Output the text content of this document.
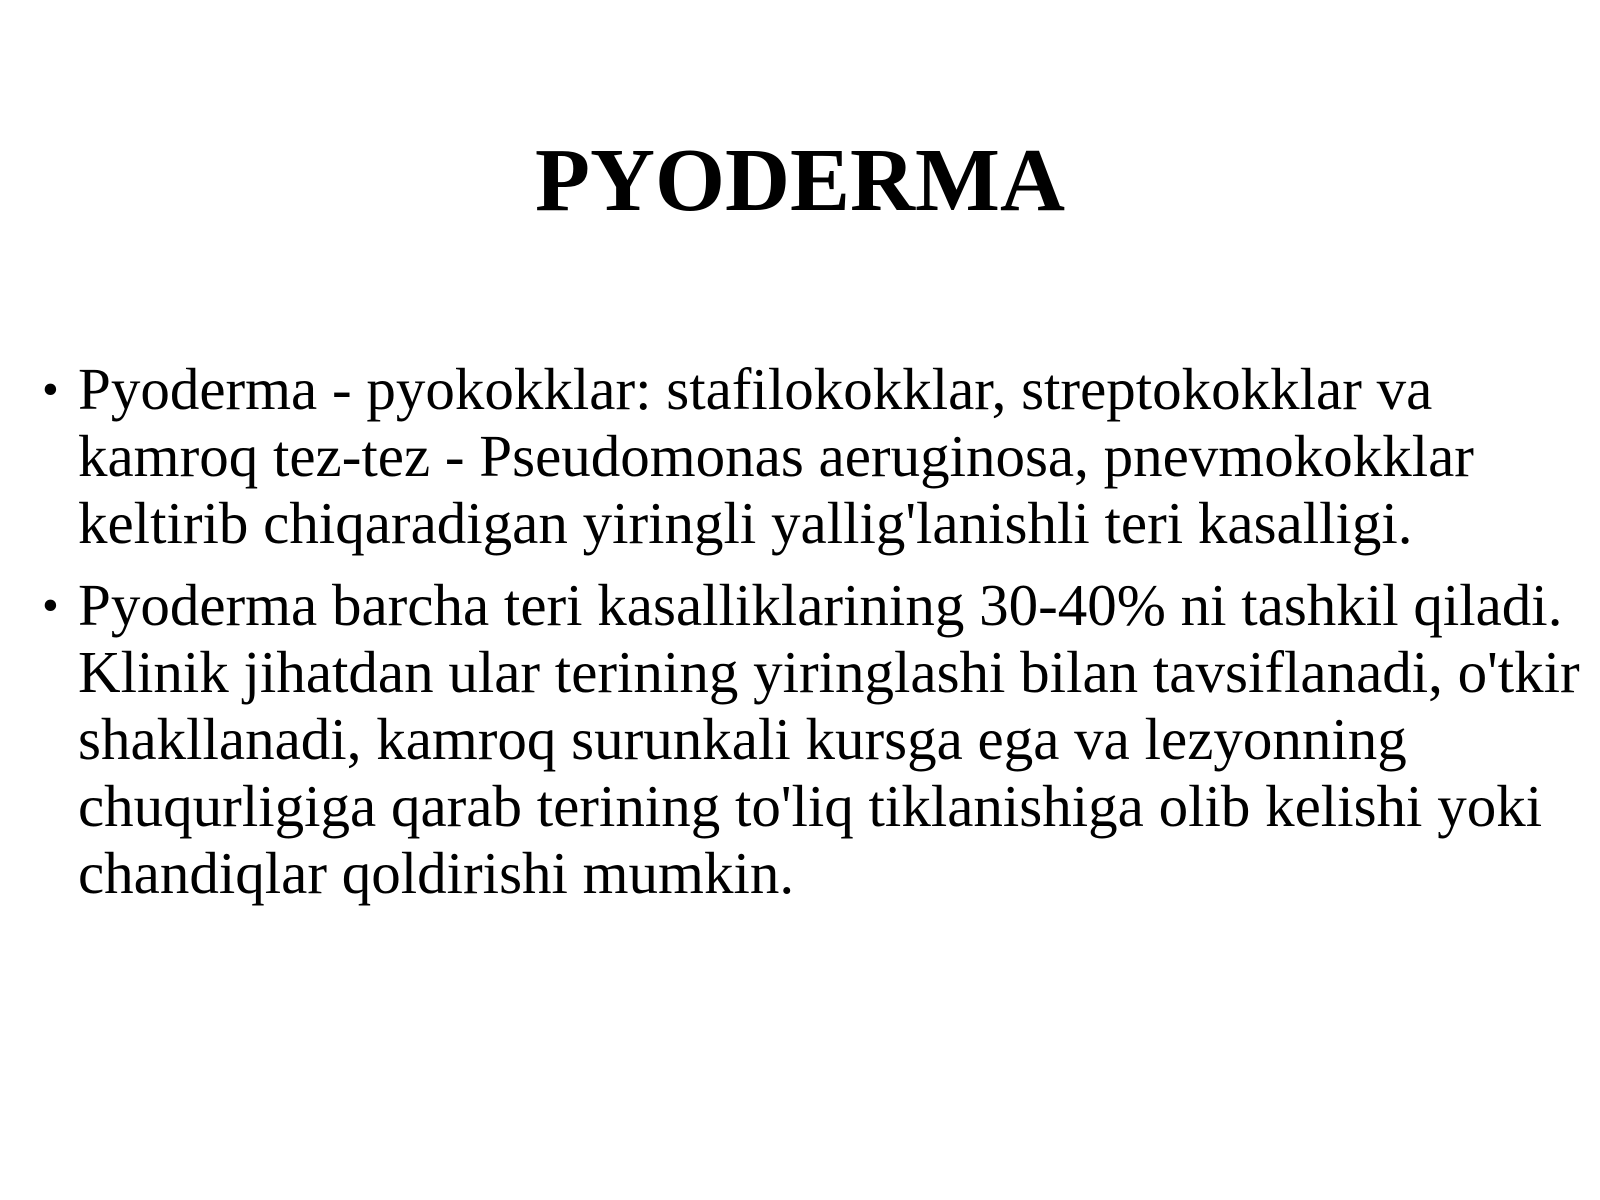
PYODERMA
• Pyoderma - pyokokklar: stafilokokklar, streptokokklar va kamroq tez-tez - Pseudomonas aeruginosa, pnevmokokklar keltirib chiqaradigan yiringli yallig'lanishli teri kasalligi.
• Pyoderma barcha teri kasalliklarining 30-40% ni tashkil qiladi. Klinik jihatdan ular terining yiringlashi bilan tavsiflanadi, o'tkir shakllanadi, kamroq surunkali kursga ega va lezyonning chuqurligiga qarab terining to'liq tiklanishiga olib kelishi yoki chandiqlar qoldirishi mumkin.
